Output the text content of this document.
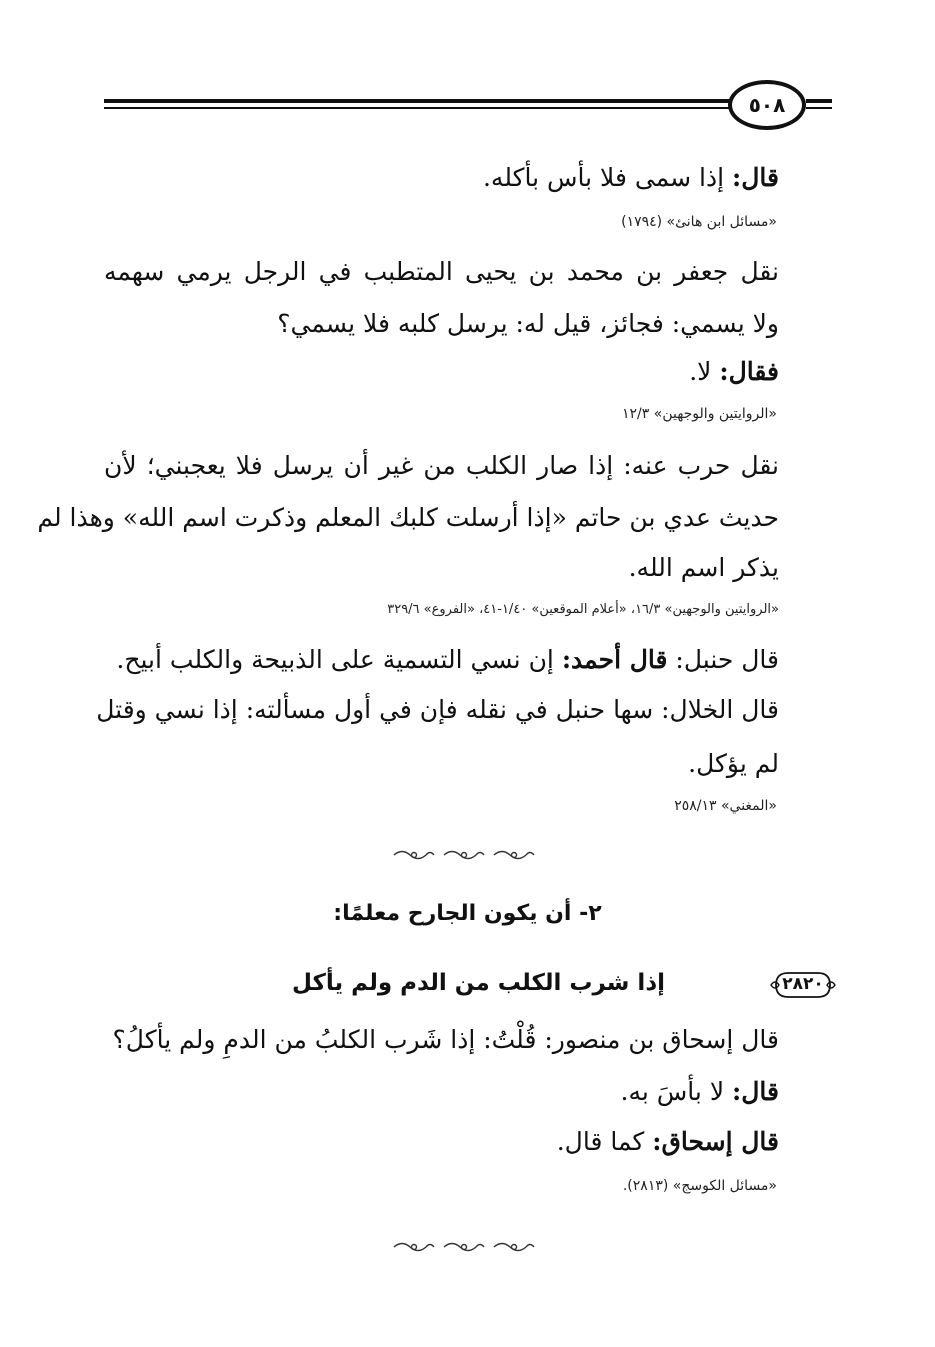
٥٠٨
قال: إذا سمى فلا بأس بأكله.
«مسائل ابن هانئ» (١٧٩٤)
نقل جعفر بن محمد بن يحيى المتطبب في الرجل يرمي سهمه
ولا يسمي: فجائز، قيل له: يرسل كلبه فلا يسمي؟
فقال: لا.
«الروايتين والوجهين» ١٢/٣
نقل حرب عنه: إذا صار الكلب من غير أن يرسل فلا يعجبني؛ لأن
حديث عدي بن حاتم «إذا أرسلت كلبك المعلم وذكرت اسم الله» وهذا لم
يذكر اسم الله.
«الروايتين والوجهين» ١٦/٣، «أعلام الموقعين» ١/٤٠-٤١، «الفروع» ٣٢٩/٦
قال حنبل: قال أحمد: إن نسي التسمية على الذبيحة والكلب أبيح.
قال الخلال: سها حنبل في نقله فإن في أول مسألته: إذا نسي وقتل
لم يؤكل.
«المغني» ٢٥٨/١٣
٢- أن يكون الجارح معلمًا:
٢٨٢٠
إذا شرب الكلب من الدم ولم يأكل
قال إسحاق بن منصور: قُلْتُ: إذا شَرب الكلبُ من الدمِ ولم يأكلُ؟
قال: لا بأسَ به.
قال إسحاق: كما قال.
«مسائل الكوسج» (٢٨١٣).
